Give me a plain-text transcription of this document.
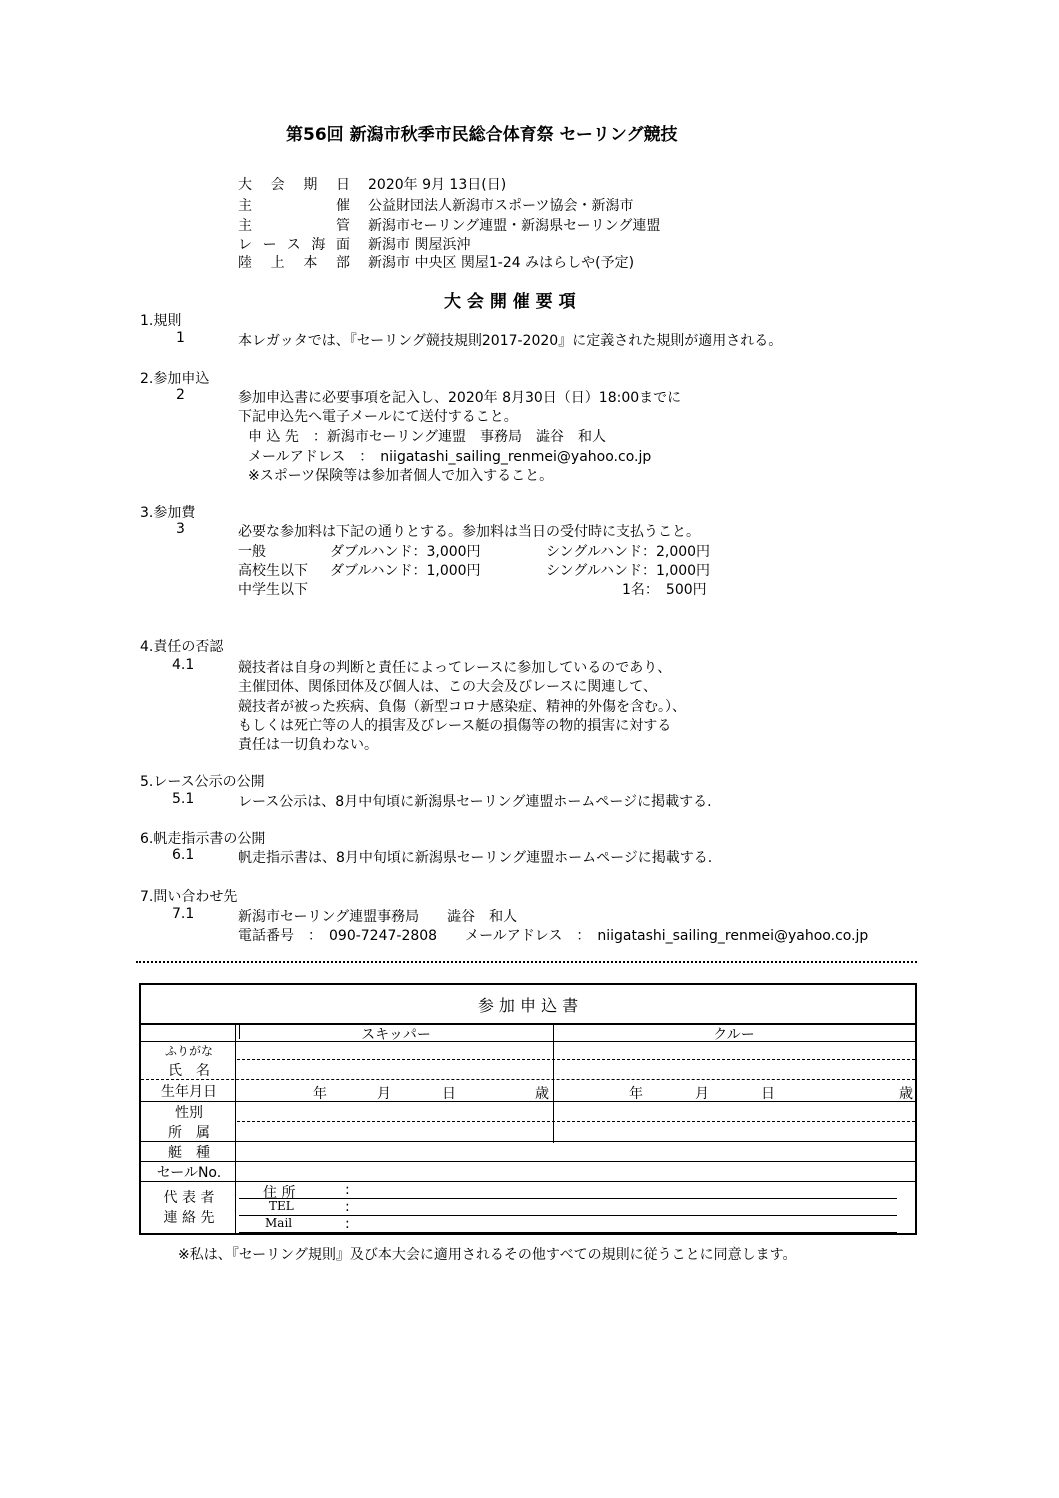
第56回 新潟市秋季市民総合体育祭 セーリング競技
大会期日 2020年 9月 13日(日)
主催 公益財団法人新潟市スポーツ協会・新潟市
主管 新潟市セーリング連盟・新潟県セーリング連盟
レース海面 新潟市 関屋浜沖
陸上本部 新潟市 中央区 関屋1-24 みはらしや(予定)
大 会 開 催 要 項
1.規則
1	本レガッタでは、『セーリング競技規則2017-2020』に定義された規則が適用される。
2.参加申込
2	参加申込書に必要事項を記入し、2020年 8月30日（日）18:00までに
下記申込先へ電子メールにて送付すること。
申 込 先　：新潟市セーリング連盟　事務局　澁谷　和人
メールアドレス　：　niigatashi_sailing_renmei@yahoo.co.jp
※スポーツ保険等は参加者個人で加入すること。
3.参加費
3	必要な参加料は下記の通りとする。参加料は当日の受付時に支払うこと。
一般	ダブルハンド：3,000円	シングルハンド：2,000円
高校生以下 ダブルハンド：1,000円	シングルハンド：1,000円
中学生以下	1名：　500円
4.責任の否認
4.1	競技者は自身の判断と責任によってレースに参加しているのであり、
主催団体、関係団体及び個人は、この大会及びレースに関連して、
競技者が被った疾病、負傷（新型コロナ感染症、精神的外傷を含む。）、
もしくは死亡等の人的損害及びレース艇の損傷等の物的損害に対する
責任は一切負わない。
5.レース公示の公開
5.1	レース公示は、8月中旬頃に新潟県セーリング連盟ホームページに掲載する.
6.帆走指示書の公開
6.1	帆走指示書は、8月中旬頃に新潟県セーリング連盟ホームページに掲載する.
7.問い合わせ先
7.1	新潟市セーリング連盟事務局　　澁谷　和人
電話番号　：　090-7247-2808　　メールアドレス　：　niigatashi_sailing_renmei@yahoo.co.jp
参 加 申 込 書
スキッパー	クルー
ふりがな
氏　名
生年月日	年	月	日	歳	年	月	日	歳
性別
所　属
艇　種
セールNo.
代 表 者
連 絡 先
住 所	:
TEL	:
Mail	:
※私は、『セーリング規則』及び本大会に適用されるその他すべての規則に従うことに同意します。
